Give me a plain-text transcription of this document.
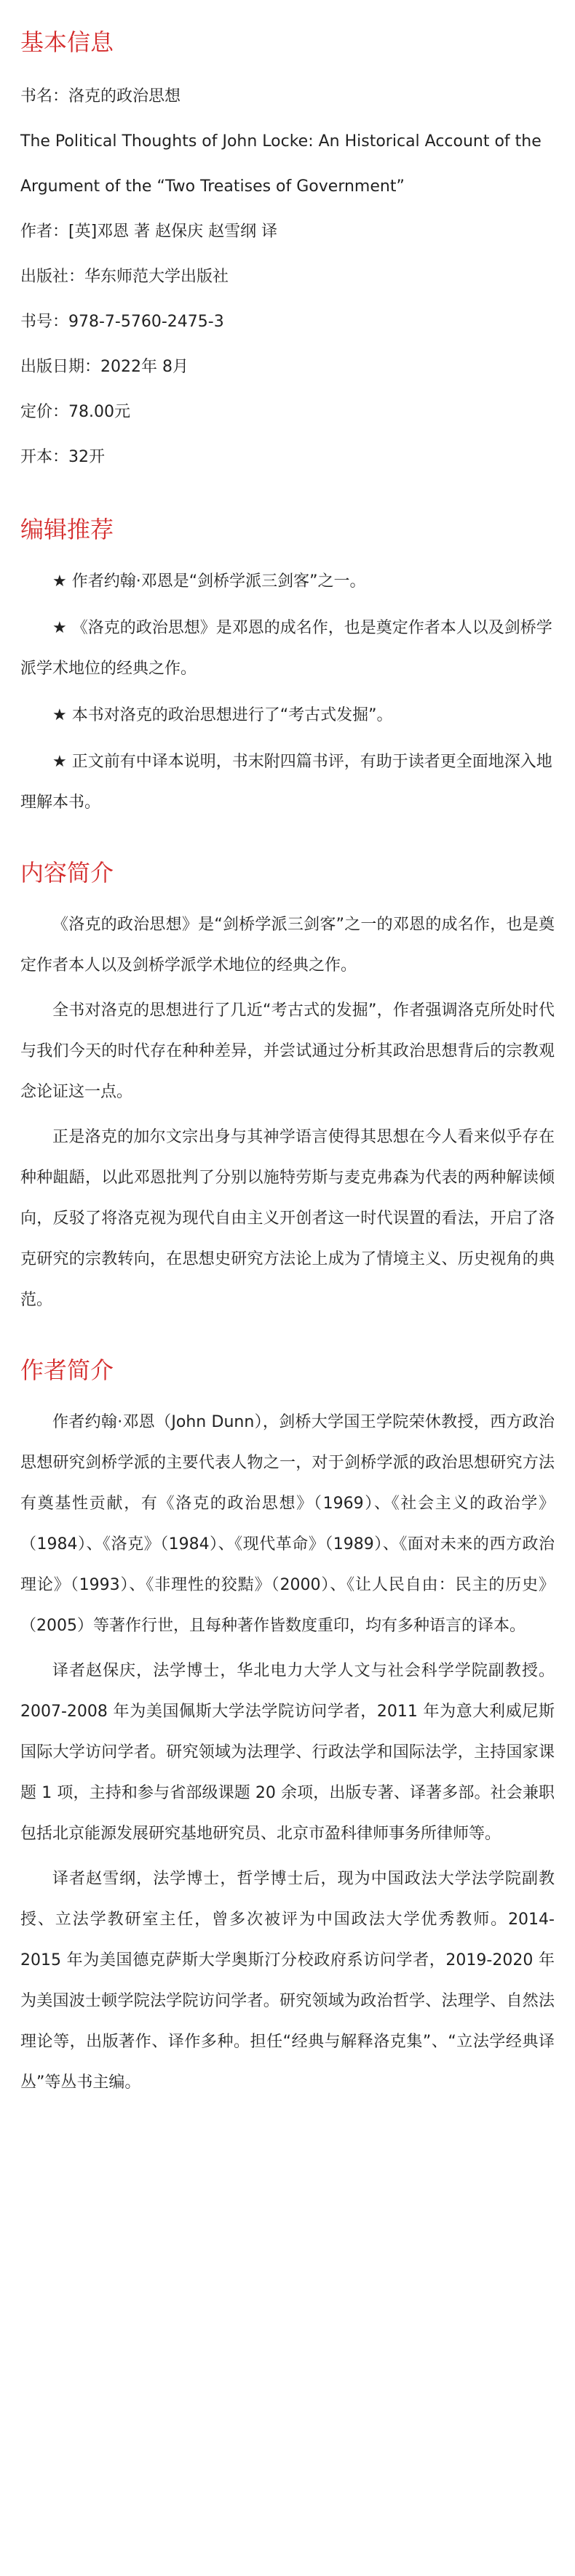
基本信息

书名：洛克的政治思想

The Political Thoughts of John Locke: An Historical Account of the Argument of the “Two Treatises of Government”

作者：[英]邓恩 著 赵保庆 赵雪纲 译

出版社：华东师范大学出版社

书号：978-7-5760-2475-3

出版日期：2022年 8月

定价：78.00元

开本：32开

编辑推荐

★ 作者约翰·邓恩是“剑桥学派三剑客”之一。

★ 《洛克的政治思想》是邓恩的成名作，也是奠定作者本人以及剑桥学派学术地位的经典之作。

★ 本书对洛克的政治思想进行了“考古式发掘”。

★ 正文前有中译本说明，书末附四篇书评，有助于读者更全面地深入地理解本书。

内容简介

《洛克的政治思想》是“剑桥学派三剑客”之一的邓恩的成名作，也是奠定作者本人以及剑桥学派学术地位的经典之作。

全书对洛克的思想进行了几近“考古式的发掘”，作者强调洛克所处时代与我们今天的时代存在种种差异，并尝试通过分析其政治思想背后的宗教观念论证这一点。

正是洛克的加尔文宗出身与其神学语言使得其思想在今人看来似乎存在种种龃龉，以此邓恩批判了分别以施特劳斯与麦克弗森为代表的两种解读倾向，反驳了将洛克视为现代自由主义开创者这一时代误置的看法，开启了洛克研究的宗教转向，在思想史研究方法论上成为了情境主义、历史视角的典范。

作者简介

作者约翰·邓恩（John Dunn），剑桥大学国王学院荣休教授，西方政治思想研究剑桥学派的主要代表人物之一，对于剑桥学派的政治思想研究方法有奠基性贡献，有《洛克的政治思想》（1969）、《社会主义的政治学》（1984）、《洛克》（1984）、《现代革命》（1989）、《面对未来的西方政治理论》（1993）、《非理性的狡黠》（2000）、《让人民自由：民主的历史》（2005）等著作行世，且每种著作皆数度重印，均有多种语言的译本。

译者赵保庆，法学博士，华北电力大学人文与社会科学学院副教授。2007-2008 年为美国佩斯大学法学院访问学者，2011 年为意大利威尼斯国际大学访问学者。研究领域为法理学、行政法学和国际法学，主持国家课题 1 项，主持和参与省部级课题 20 余项，出版专著、译著多部。社会兼职包括北京能源发展研究基地研究员、北京市盈科律师事务所律师等。

译者赵雪纲，法学博士，哲学博士后，现为中国政法大学法学院副教授、立法学教研室主任，曾多次被评为中国政法大学优秀教师。2014-2015 年为美国德克萨斯大学奥斯汀分校政府系访问学者，2019-2020 年为美国波士顿学院法学院访问学者。研究领域为政治哲学、法理学、自然法理论等，出版著作、译作多种。担任“经典与解释洛克集”、“立法学经典译丛”等丛书主编。
